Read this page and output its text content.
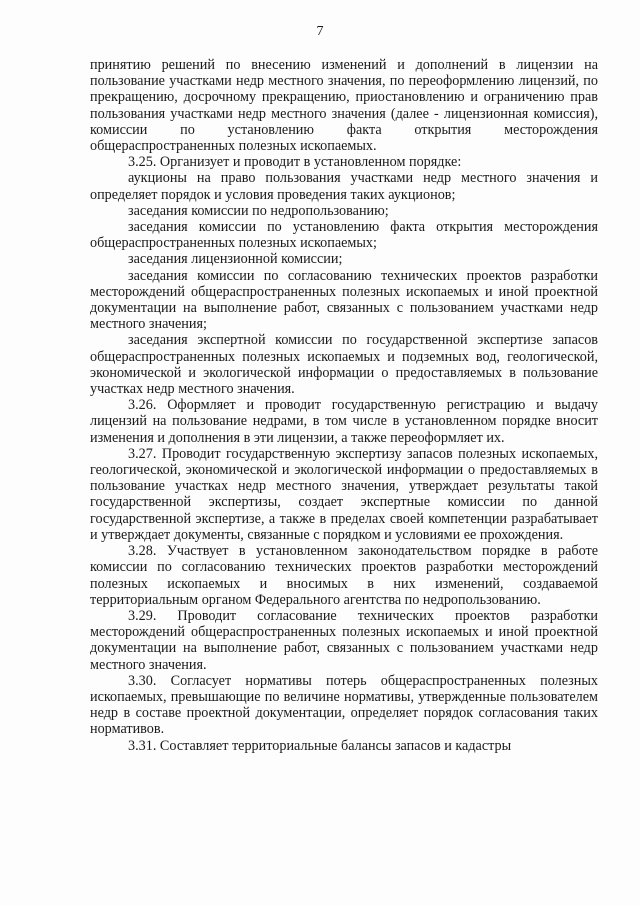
7

принятию решений по внесению изменений и дополнений в лицензии на пользование участками недр местного значения, по переоформлению лицензий, по прекращению, досрочному прекращению, приостановлению и ограничению прав пользования участками недр местного значения (далее - лицензионная комиссия), комиссии по установлению факта открытия месторождения общераспространенных полезных ископаемых.

3.25. Организует и проводит в установленном порядке:

аукционы на право пользования участками недр местного значения и определяет порядок и условия проведения таких аукционов;

заседания комиссии по недропользованию;

заседания комиссии по установлению факта открытия месторождения общераспространенных полезных ископаемых;

заседания лицензионной комиссии;

заседания комиссии по согласованию технических проектов разработки месторождений общераспространенных полезных ископаемых и иной проектной документации на выполнение работ, связанных с пользованием участками недр местного значения;

заседания экспертной комиссии по государственной экспертизе запасов общераспространенных полезных ископаемых и подземных вод, геологической, экономической и экологической информации о предоставляемых в пользование участках недр местного значения.

3.26. Оформляет и проводит государственную регистрацию и выдачу лицензий на пользование недрами, в том числе в установленном порядке вносит изменения и дополнения в эти лицензии, а также переоформляет их.

3.27. Проводит государственную экспертизу запасов полезных ископаемых, геологической, экономической и экологической информации о предоставляемых в пользование участках недр местного значения, утверждает результаты такой государственной экспертизы, создает экспертные комиссии по данной государственной экспертизе, а также в пределах своей компетенции разрабатывает и утверждает документы, связанные с порядком и условиями ее прохождения.

3.28. Участвует в установленном законодательством порядке в работе комиссии по согласованию технических проектов разработки месторождений полезных ископаемых и вносимых в них изменений, создаваемой территориальным органом Федерального агентства по недропользованию.

3.29. Проводит согласование технических проектов разработки месторождений общераспространенных полезных ископаемых и иной проектной документации на выполнение работ, связанных с пользованием участками недр местного значения.

3.30. Согласует нормативы потерь общераспространенных полезных ископаемых, превышающие по величине нормативы, утвержденные пользователем недр в составе проектной документации, определяет порядок согласования таких нормативов.

3.31. Составляет территориальные балансы запасов и кадастры
